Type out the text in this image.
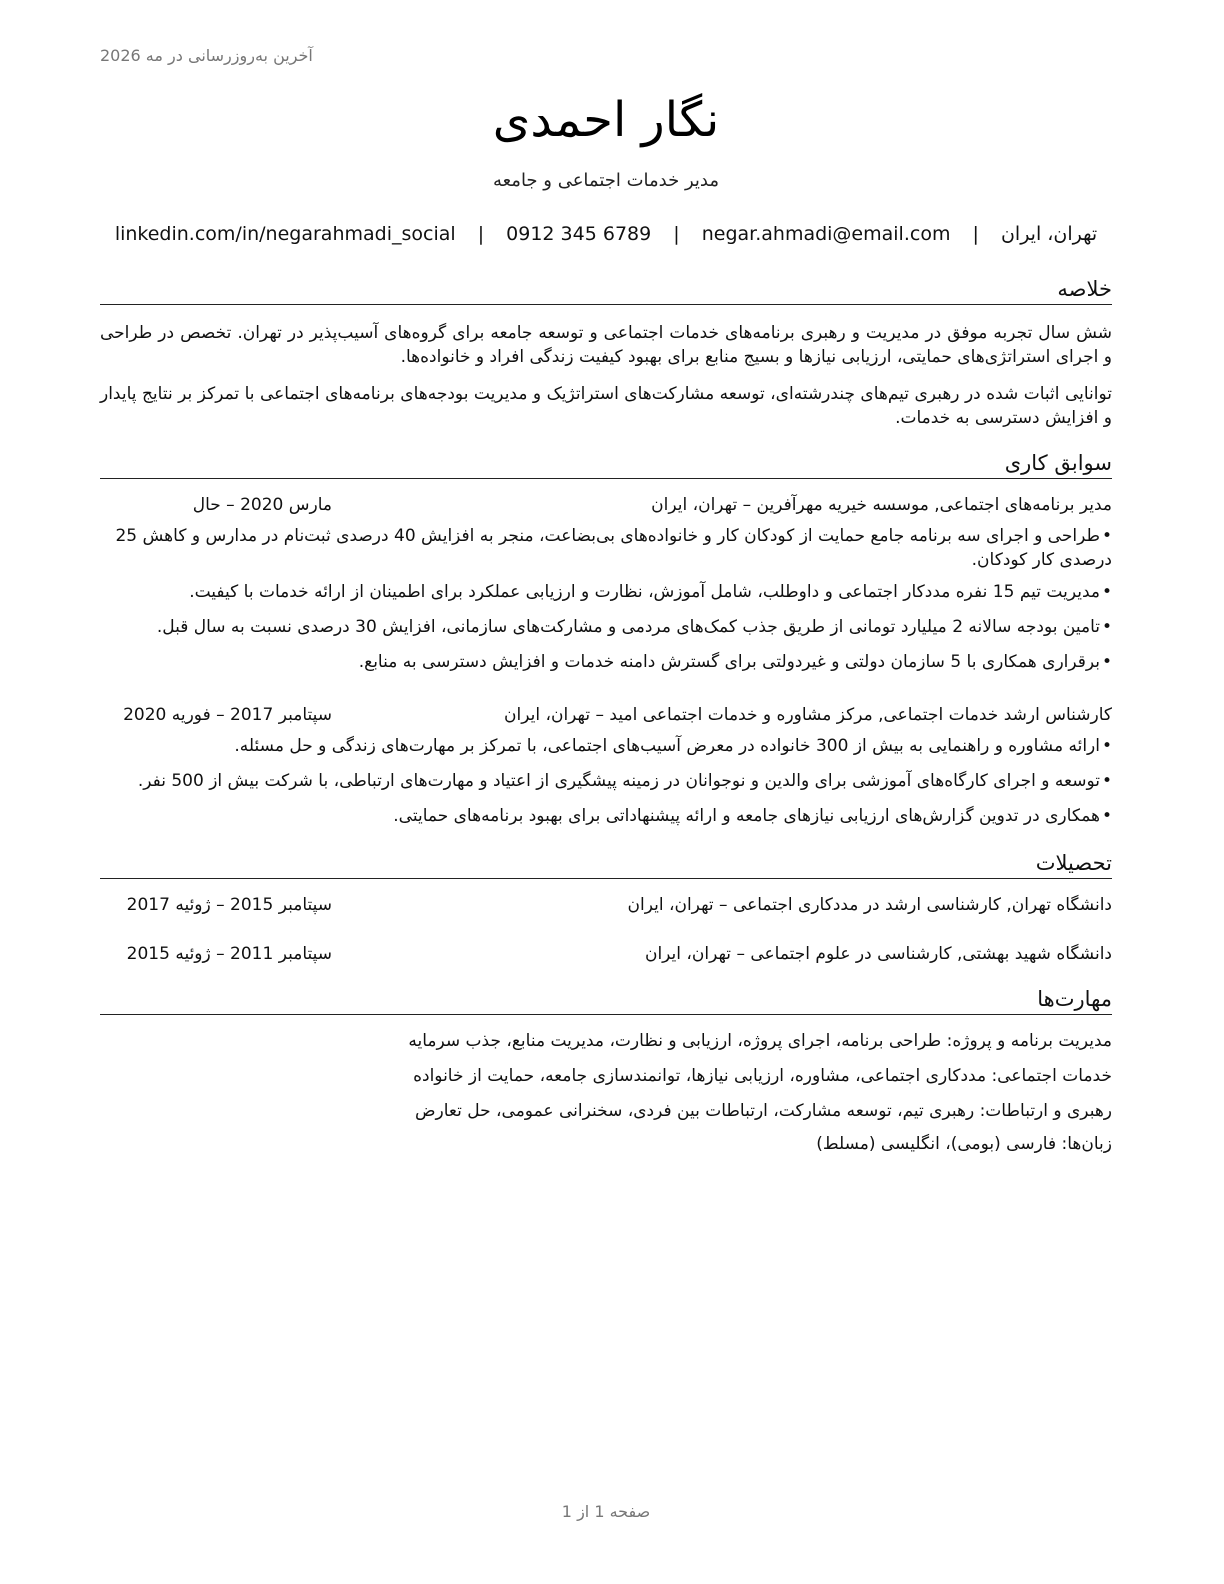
آخرین به‌روزرسانی در مه 2026
نگار احمدی
مدیر خدمات اجتماعی و جامعه
تهران، ایران | negar.ahmadi@email.com | 0912 345 6789 | linkedin.com/in/negarahmadi_social
خلاصه
شش سال تجربه موفق در مدیریت و رهبری برنامه‌های خدمات اجتماعی و توسعه جامعه برای گروه‌های آسیب‌پذیر در تهران. تخصص در طراحی و اجرای استراتژی‌های حمایتی، ارزیابی نیازها و بسیج منابع برای بهبود کیفیت زندگی افراد و خانواده‌ها.
توانایی اثبات شده در رهبری تیم‌های چندرشته‌ای، توسعه مشارکت‌های استراتژیک و مدیریت بودجه‌های برنامه‌های اجتماعی با تمرکز بر نتایج پایدار و افزایش دسترسی به خدمات.
سوابق کاری
مدیر برنامه‌های اجتماعی, موسسه خیریه مهرآفرین – تهران، ایران
مارس 2020 – حال
•طراحی و اجرای سه برنامه جامع حمایت از کودکان کار و خانواده‌های بی‌بضاعت، منجر به افزایش 40 درصدی ثبت‌نام در مدارس و کاهش 25 درصدی کار کودکان.
•مدیریت تیم 15 نفره مددکار اجتماعی و داوطلب، شامل آموزش، نظارت و ارزیابی عملکرد برای اطمینان از ارائه خدمات با کیفیت.
•تامین بودجه سالانه 2 میلیارد تومانی از طریق جذب کمک‌های مردمی و مشارکت‌های سازمانی، افزایش 30 درصدی نسبت به سال قبل.
•برقراری همکاری با 5 سازمان دولتی و غیردولتی برای گسترش دامنه خدمات و افزایش دسترسی به منابع.
کارشناس ارشد خدمات اجتماعی, مرکز مشاوره و خدمات اجتماعی امید – تهران، ایران
سپتامبر 2017 – فوریه 2020
•ارائه مشاوره و راهنمایی به بیش از 300 خانواده در معرض آسیب‌های اجتماعی، با تمرکز بر مهارت‌های زندگی و حل مسئله.
•توسعه و اجرای کارگاه‌های آموزشی برای والدین و نوجوانان در زمینه پیشگیری از اعتیاد و مهارت‌های ارتباطی، با شرکت بیش از 500 نفر.
•همکاری در تدوین گزارش‌های ارزیابی نیازهای جامعه و ارائه پیشنهاداتی برای بهبود برنامه‌های حمایتی.
تحصیلات
دانشگاه تهران, کارشناسی ارشد در مددکاری اجتماعی – تهران، ایران
سپتامبر 2015 – ژوئیه 2017
دانشگاه شهید بهشتی, کارشناسی در علوم اجتماعی – تهران، ایران
سپتامبر 2011 – ژوئیه 2015
مهارت‌ها
مدیریت برنامه و پروژه: طراحی برنامه، اجرای پروژه، ارزیابی و نظارت، مدیریت منابع، جذب سرمایه
خدمات اجتماعی: مددکاری اجتماعی، مشاوره، ارزیابی نیازها، توانمندسازی جامعه، حمایت از خانواده
رهبری و ارتباطات: رهبری تیم، توسعه مشارکت، ارتباطات بین فردی، سخنرانی عمومی، حل تعارض
زبان‌ها: فارسی (بومی)، انگلیسی (مسلط)
صفحه 1 از 1
